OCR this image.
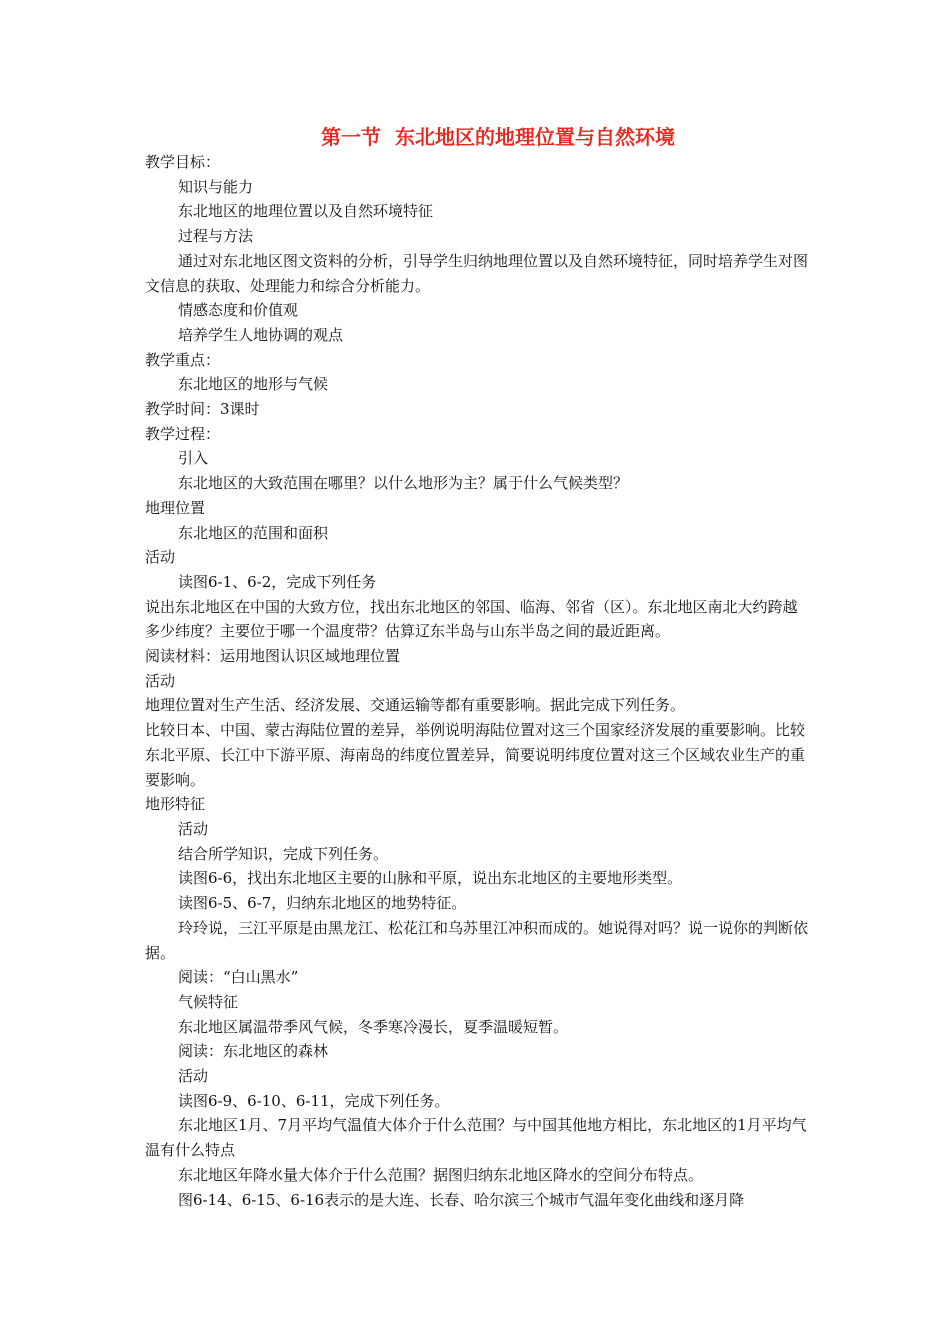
第一节  东北地区的地理位置与自然环境

教学目标：

知识与能力

东北地区的地理位置以及自然环境特征

过程与方法

通过对东北地区图文资料的分析，引导学生归纳地理位置以及自然环境特征，同时培养学生对图文信息的获取、处理能力和综合分析能力。

情感态度和价值观

培养学生人地协调的观点

教学重点：

东北地区的地形与气候

教学时间：3课时

教学过程：

引入

东北地区的大致范围在哪里？以什么地形为主？属于什么气候类型？

地理位置

东北地区的范围和面积

活动

读图6-1、6-2，完成下列任务

说出东北地区在中国的大致方位，找出东北地区的邻国、临海、邻省（区）。东北地区南北大约跨越多少纬度？主要位于哪一个温度带？估算辽东半岛与山东半岛之间的最近距离。

阅读材料：运用地图认识区域地理位置

活动

地理位置对生产生活、经济发展、交通运输等都有重要影响。据此完成下列任务。

比较日本、中国、蒙古海陆位置的差异，举例说明海陆位置对这三个国家经济发展的重要影响。比较东北平原、长江中下游平原、海南岛的纬度位置差异，简要说明纬度位置对这三个区域农业生产的重要影响。

地形特征

活动

结合所学知识，完成下列任务。

读图6-6，找出东北地区主要的山脉和平原，说出东北地区的主要地形类型。

读图6-5、6-7，归纳东北地区的地势特征。

玲玲说，三江平原是由黑龙江、松花江和乌苏里江冲积而成的。她说得对吗？说一说你的判断依据。

阅读：“白山黑水”

气候特征

东北地区属温带季风气候，冬季寒冷漫长，夏季温暖短暂。

阅读：东北地区的森林

活动

读图6-9、6-10、6-11，完成下列任务。

东北地区1月、7月平均气温值大体介于什么范围？与中国其他地方相比，东北地区的1月平均气温有什么特点

东北地区年降水量大体介于什么范围？据图归纳东北地区降水的空间分布特点。

图6-14、6-15、6-16表示的是大连、长春、哈尔滨三个城市气温年变化曲线和逐月降
